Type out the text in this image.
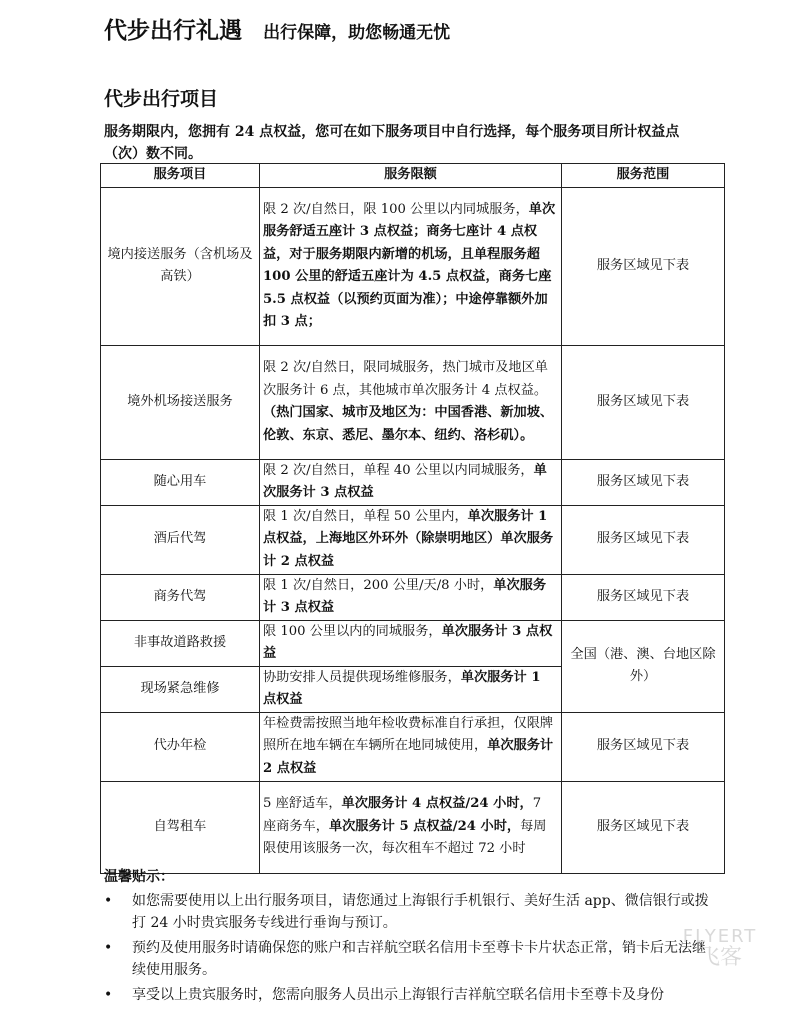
代步出行礼遇 出行保障，助您畅通无忧
代步出行项目
服务期限内，您拥有 24 点权益，您可在如下服务项目中自行选择，每个服务项目所计权益点（次）数不同。
服务项目	服务限额	服务范围
境内接送服务（含机场及高铁）	限 2 次/自然日，限 100 公里以内同城服务，单次服务舒适五座计 3 点权益；商务七座计 4 点权益，对于服务期限内新增的机场，且单程服务超 100 公里的舒适五座计为 4.5 点权益，商务七座 5.5 点权益（以预约页面为准）；中途停靠额外加扣 3 点；	服务区域见下表
境外机场接送服务	限 2 次/自然日，限同城服务，热门城市及地区单次服务计 6 点，其他城市单次服务计 4 点权益。（热门国家、城市及地区为：中国香港、新加坡、伦敦、东京、悉尼、墨尔本、纽约、洛杉矶）。	服务区域见下表
随心用车	限 2 次/自然日，单程 40 公里以内同城服务，单次服务计 3 点权益	服务区域见下表
酒后代驾	限 1 次/自然日，单程 50 公里内，单次服务计 1 点权益，上海地区外环外（除崇明地区）单次服务计 2 点权益	服务区域见下表
商务代驾	限 1 次/自然日，200 公里/天/8 小时，单次服务计 3 点权益	服务区域见下表
非事故道路救援	限 100 公里以内的同城服务，单次服务计 3 点权益	全国（港、澳、台地区除外）
现场紧急维修	协助安排人员提供现场维修服务，单次服务计 1 点权益	
代办年检	年检费需按照当地年检收费标准自行承担，仅限牌照所在地车辆在车辆所在地同城使用，单次服务计 2 点权益	服务区域见下表
自驾租车	5 座舒适车，单次服务计 4 点权益/24 小时，7 座商务车，单次服务计 5 点权益/24 小时，每周限使用该服务一次，每次租车不超过 72 小时	服务区域见下表
温馨贴示：
• 如您需要使用以上出行服务项目，请您通过上海银行手机银行、美好生活 app、微信银行或拨打 24 小时贵宾服务专线进行垂询与预订。
• 预约及使用服务时请确保您的账户和吉祥航空联名信用卡至尊卡卡片状态正常，销卡后无法继续使用服务。
• 享受以上贵宾服务时，您需向服务人员出示上海银行吉祥航空联名信用卡至尊卡及身份
FLYERT
飞客
